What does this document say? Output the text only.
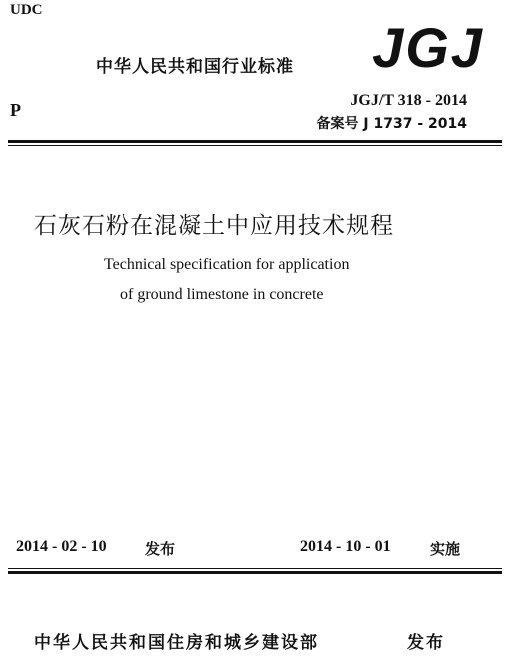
UDC
中华人民共和国行业标准 JGJ
P	JGJ/T 318 - 2014
备案号 J 1737 - 2014
石灰石粉在混凝土中应用技术规程
Technical specification for application
of ground limestone in concrete
2014 - 02 - 10	发布	2014 - 10 - 01	实施
中华人民共和国住房和城乡建设部	发布
